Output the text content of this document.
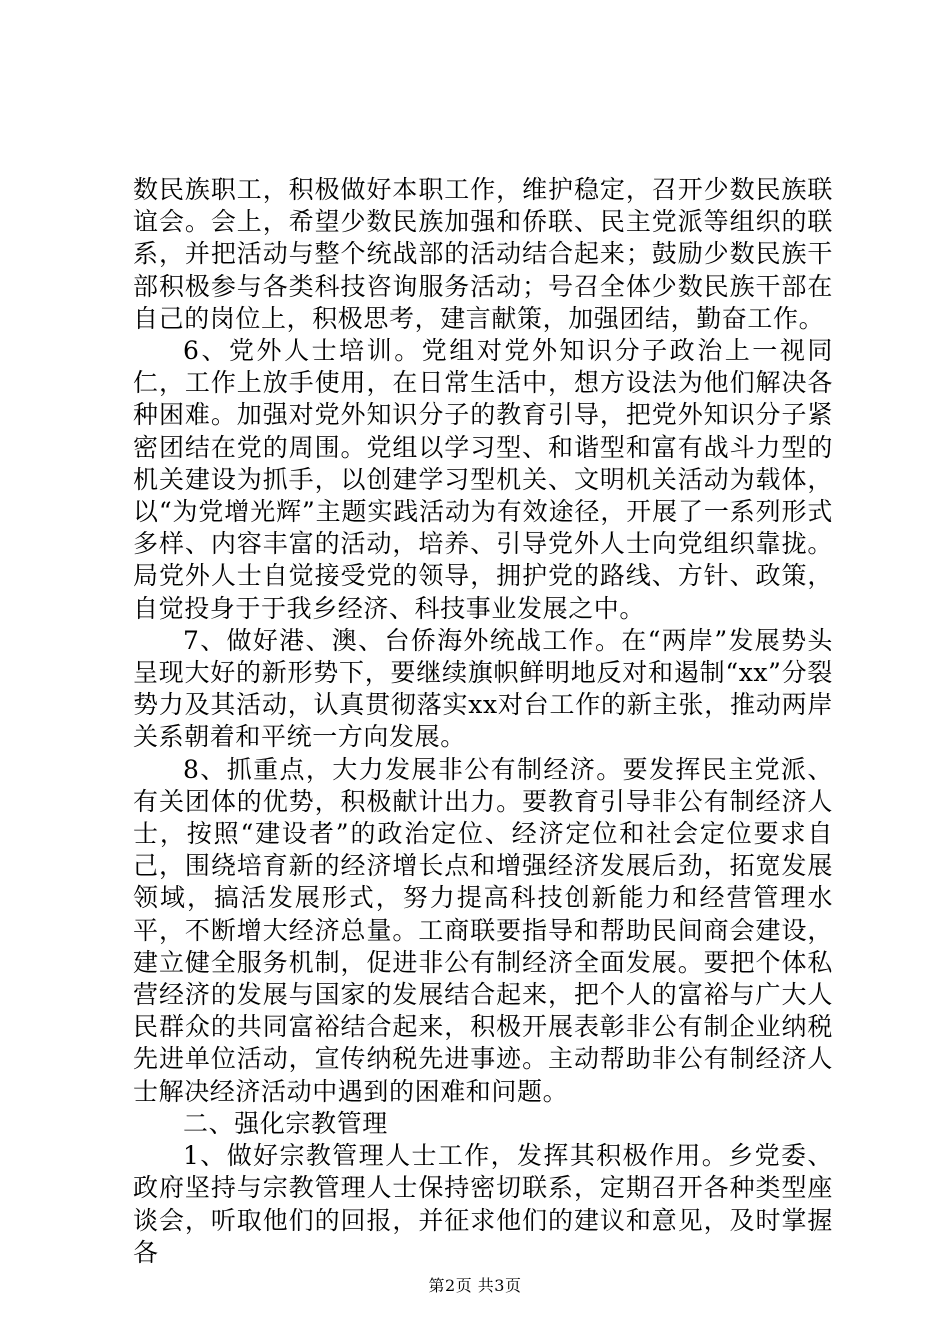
数民族职工，积极做好本职工作，维护稳定，召开少数民族联谊会。会上，希望少数民族加强和侨联、民主党派等组织的联系，并把活动与整个统战部的活动结合起来；鼓励少数民族干部积极参与各类科技咨询服务活动；号召全体少数民族干部在自己的岗位上，积极思考，建言献策，加强团结，勤奋工作。

6、党外人士培训。党组对党外知识分子政治上一视同仁，工作上放手使用，在日常生活中，想方设法为他们解决各种困难。加强对党外知识分子的教育引导，把党外知识分子紧密团结在党的周围。党组以学习型、和谐型和富有战斗力型的机关建设为抓手，以创建学习型机关、文明机关活动为载体，以“为党增光辉”主题实践活动为有效途径，开展了一系列形式多样、内容丰富的活动，培养、引导党外人士向党组织靠拢。局党外人士自觉接受党的领导，拥护党的路线、方针、政策，自觉投身于于我乡经济、科技事业发展之中。

7、做好港、澳、台侨海外统战工作。在“两岸”发展势头呈现大好的新形势下，要继续旗帜鲜明地反对和遏制“xx”分裂势力及其活动，认真贯彻落实xx对台工作的新主张，推动两岸关系朝着和平统一方向发展。

8、抓重点，大力发展非公有制经济。要发挥民主党派、有关团体的优势，积极献计出力。要教育引导非公有制经济人士，按照“建设者”的政治定位、经济定位和社会定位要求自己，围绕培育新的经济增长点和增强经济发展后劲，拓宽发展领域，搞活发展形式，努力提高科技创新能力和经营管理水平，不断增大经济总量。工商联要指导和帮助民间商会建设，建立健全服务机制，促进非公有制经济全面发展。要把个体私营经济的发展与国家的发展结合起来，把个人的富裕与广大人民群众的共同富裕结合起来，积极开展表彰非公有制企业纳税先进单位活动，宣传纳税先进事迹。主动帮助非公有制经济人士解决经济活动中遇到的困难和问题。

二、强化宗教管理

1、做好宗教管理人士工作，发挥其积极作用。乡党委、政府坚持与宗教管理人士保持密切联系，定期召开各种类型座谈会，听取他们的回报，并征求他们的建议和意见，及时掌握各

第2页 共3页
